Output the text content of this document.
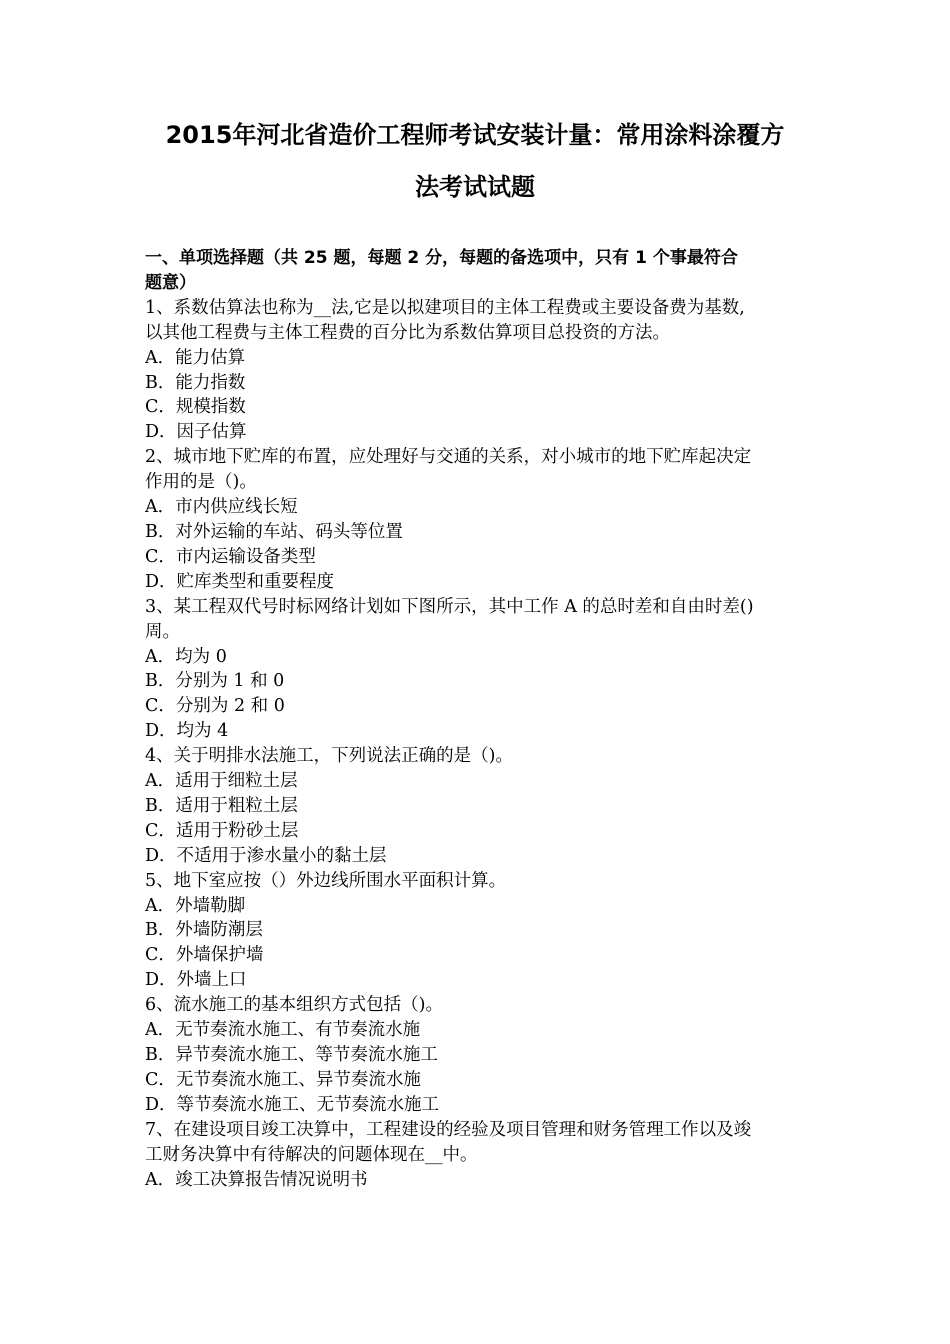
2015年河北省造价工程师考试安装计量：常用涂料涂覆方
法考试试题
一、单项选择题（共 25 题，每题 2 分，每题的备选项中，只有 1 个事最符合
题意）
1、系数估算法也称为__法,它是以拟建项目的主体工程费或主要设备费为基数,
以其他工程费与主体工程费的百分比为系数估算项目总投资的方法。
A．能力估算
B．能力指数
C．规模指数
D．因子估算
2、城市地下贮库的布置，应处理好与交通的关系，对小城市的地下贮库起决定
作用的是（)。
A．市内供应线长短
B．对外运输的车站、码头等位置
C．市内运输设备类型
D．贮库类型和重要程度
3、某工程双代号时标网络计划如下图所示，其中工作 A 的总时差和自由时差()
周。
A．均为 0
B．分别为 1 和 0
C．分别为 2 和 0
D．均为 4
4、关于明排水法施工，下列说法正确的是（)。
A．适用于细粒土层
B．适用于粗粒土层
C．适用于粉砂土层
D．不适用于渗水量小的黏土层
5、地下室应按（）外边线所围水平面积计算。
A．外墙勒脚
B．外墙防潮层
C．外墙保护墙
D．外墙上口
6、流水施工的基本组织方式包括（)。
A．无节奏流水施工、有节奏流水施
B．异节奏流水施工、等节奏流水施工
C．无节奏流水施工、异节奏流水施
D．等节奏流水施工、无节奏流水施工
7、在建设项目竣工决算中，工程建设的经验及项目管理和财务管理工作以及竣
工财务决算中有待解决的问题体现在__中。
A．竣工决算报告情况说明书
